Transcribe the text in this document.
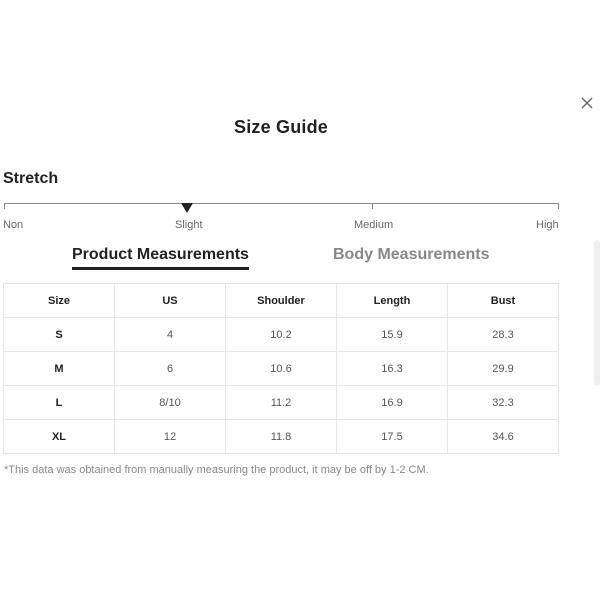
Size Guide
Stretch
Non	Slight	Medium	High
Product Measurements	Body Measurements
Size	US	Shoulder	Length	Bust
S	4	10.2	15.9	28.3
M	6	10.6	16.3	29.9
L	8/10	11.2	16.9	32.3
XL	12	11.8	17.5	34.6
*This data was obtained from manually measuring the product, it may be off by 1-2 CM.
